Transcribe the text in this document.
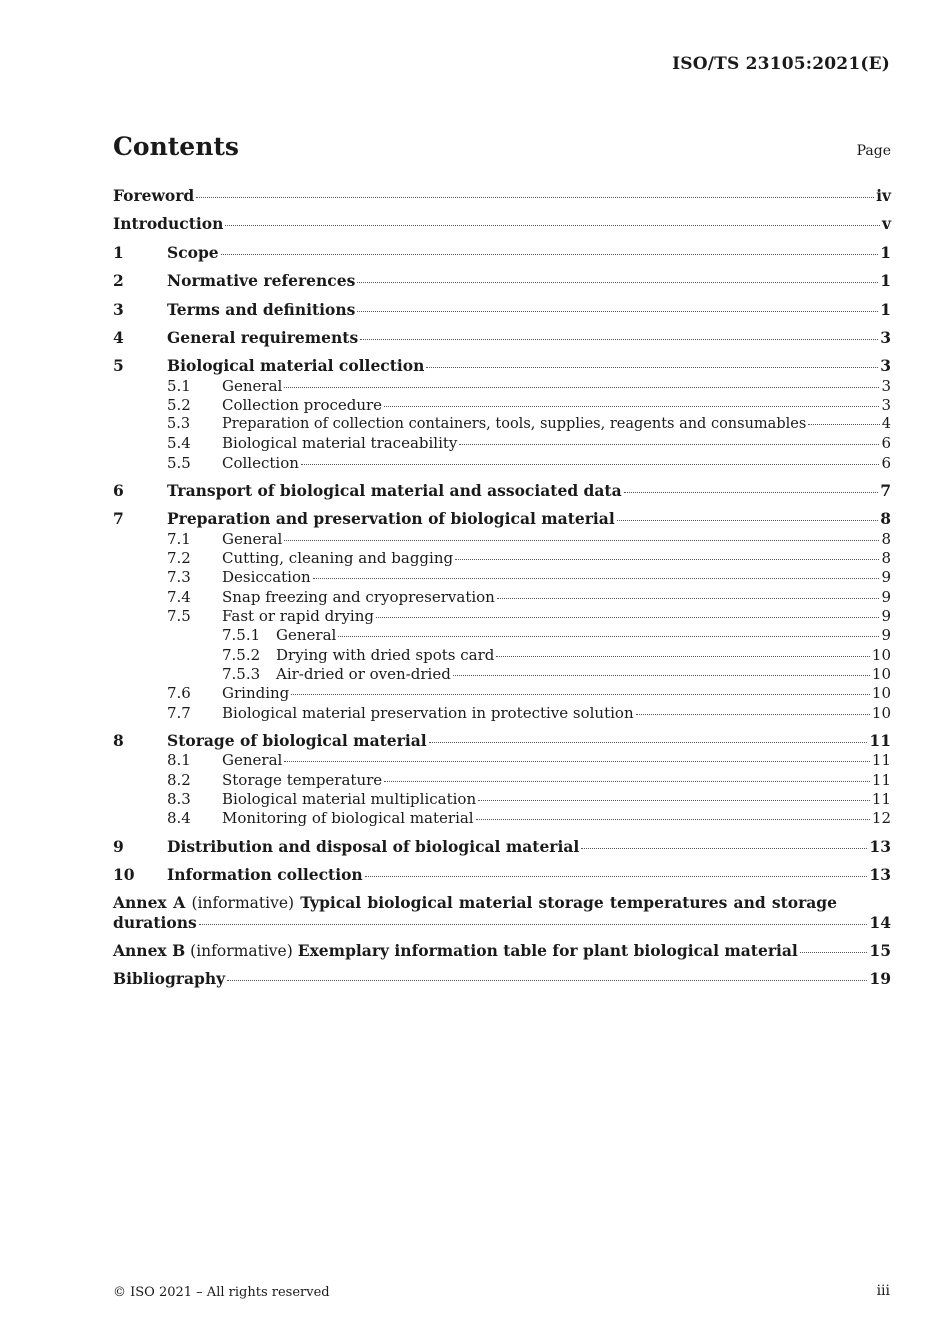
ISO/TS 23105:2021(E)
Contents	Page
Foreword	iv
Introduction	v
1	Scope	1
2	Normative references	1
3	Terms and definitions	1
4	General requirements	3
5	Biological material collection	3
5.1	General	3
5.2	Collection procedure	3
5.3	Preparation of collection containers, tools, supplies, reagents and consumables	4
5.4	Biological material traceability	6
5.5	Collection	6
6	Transport of biological material and associated data	7
7	Preparation and preservation of biological material	8
7.1	General	8
7.2	Cutting, cleaning and bagging	8
7.3	Desiccation	9
7.4	Snap freezing and cryopreservation	9
7.5	Fast or rapid drying	9
7.5.1	General	9
7.5.2	Drying with dried spots card	10
7.5.3	Air-dried or oven-dried	10
7.6	Grinding	10
7.7	Biological material preservation in protective solution	10
8	Storage of biological material	11
8.1	General	11
8.2	Storage temperature	11
8.3	Biological material multiplication	11
8.4	Monitoring of biological material	12
9	Distribution and disposal of biological material	13
10	Information collection	13
Annex A (informative) Typical biological material storage temperatures and storage
durations	14
Annex B (informative) Exemplary information table for plant biological material	15
Bibliography	19
© ISO 2021 – All rights reserved	iii
